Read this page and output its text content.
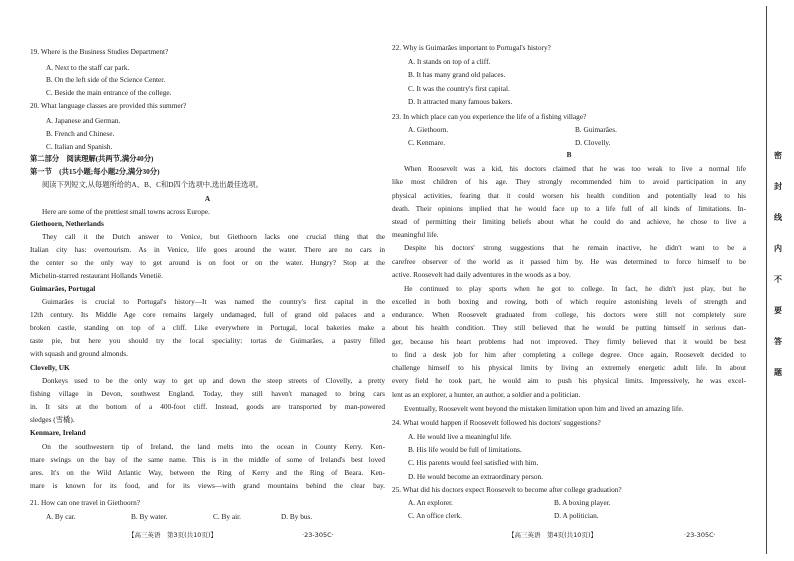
19. Where is the Business Studies Department?
A. Next to the staff car park.
B. On the left side of the Science Center.
C. Beside the main entrance of the college.
20. What language classes are provided this summer?
A. Japanese and German.
B. French and Chinese.
C. Italian and Spanish.
第二部分　阅读理解(共两节,满分40分)
第一节　(共15小题;每小题2分,满分30分)
阅读下列短文,从每题所给的A、B、C和D四个选项中,选出最佳选项。
A
Here are some of the prettiest small towns across Europe.
Giethoorn, Netherlands
They call it the Dutch answer to Venice, but Giethoorn lacks one crucial thing that the
Italian city has: overtourism. As in Venice, life goes around the water. There are no cars in
the center so the only way to get around is on foot or on the water. Hungry? Stop at the
Michelin-starred restaurant Hollands Venetië.
Guimarães, Portugal
Guimarães is crucial to Portugal's history—It was named the country's first capital in the
12th century. Its Middle Age core remains largely undamaged, full of grand old palaces and a
broken castle, standing on top of a cliff. Like everywhere in Portugal, local bakeries make a
taste pie, but here you should try the local speciality: tortas de Guimarães, a pastry filled
with squash and ground almonds.
Clovelly, UK
Donkeys used to be the only way to get up and down the steep streets of Clovelly, a pretty
fishing village in Devon, southwest England. Today, they still haven't managed to bring cars
in. It sits at the bottom of a 400-foot cliff. Instead, goods are transported by man-powered
sledges (雪橇).
Kenmare, Ireland
On the southwestern tip of Ireland, the land melts into the ocean in County Kerry. Ken-
mare swings on the bay of the same name. This is in the middle of some of Ireland's best loved
ares. It's on the Wild Atlantic Way, between the Ring of Kerry and the Ring of Beara. Ken-
mare is known for its food, and for its views—with grand mountains behind the clear bay.
21. How can one travel in Giethoorn?
A. By car.	B. By water.	C. By air.	D. By bus.
【高三英语　第3页(共10页)】	·23-305C·
22. Why is Guimarães important to Portugal's history?
A. It stands on top of a cliff.
B. It has many grand old palaces.
C. It was the country's first capital.
D. It attracted many famous bakers.
23. In which place can you experience the life of a fishing village?
A. Giethoorn.	B. Guimarães.
C. Kenmare.	D. Clovelly.
B
When Roosevelt was a kid, his doctors claimed that he was too weak to live a normal life
like most children of his age. They strongly recommended him to avoid participation in any
physical activities, fearing that it could worsen his health condition and potentially lead to his
death. Their opinions implied that he would face up to a life full of all kinds of limitations. In-
stead of permitting their limiting beliefs about what he could do and achieve, he chose to live a
meaningful life.
Despite his doctors' strong suggestions that he remain inactive, he didn't want to be a
carefree observer of the world as it passed him by. He was determined to force himself to be
active. Roosevelt had daily adventures in the woods as a boy.
He continued to play sports when he got to college. In fact, he didn't just play, but he
excelled in both boxing and rowing, both of which require astonishing levels of strength and
endurance. When Roosevelt graduated from college, his doctors were still not completely sure
about his health condition. They still believed that he would be putting himself in serious dan-
ger, because his heart problems had not improved. They firmly believed that it would be best
to find a desk job for him after completing a college degree. Once again, Roosevelt decided to
challenge himself to his physical limits by living an extremely energetic adult life. In about
every field he took part, he would aim to push his physical limits. Impressively, he was excel-
lent as an explorer, a hunter, an author, a soldier and a politician.
Eventually, Roosevelt went beyond the mistaken limitation upon him and lived an amazing life.
24. What would happen if Roosevelt followed his doctors' suggestions?
A. He would live a meaningful life.
B. His life would be full of limitations.
C. His parents would feel satisfied with him.
D. He would become an extraordinary person.
25. What did his doctors expect Roosevelt to become after college graduation?
A. An explorer.	B. A boxing player.
C. An office clerk.	D. A politician.
【高三英语　第4页(共10页)】	·23-305C·
密
封
线
内
不
要
答
题
